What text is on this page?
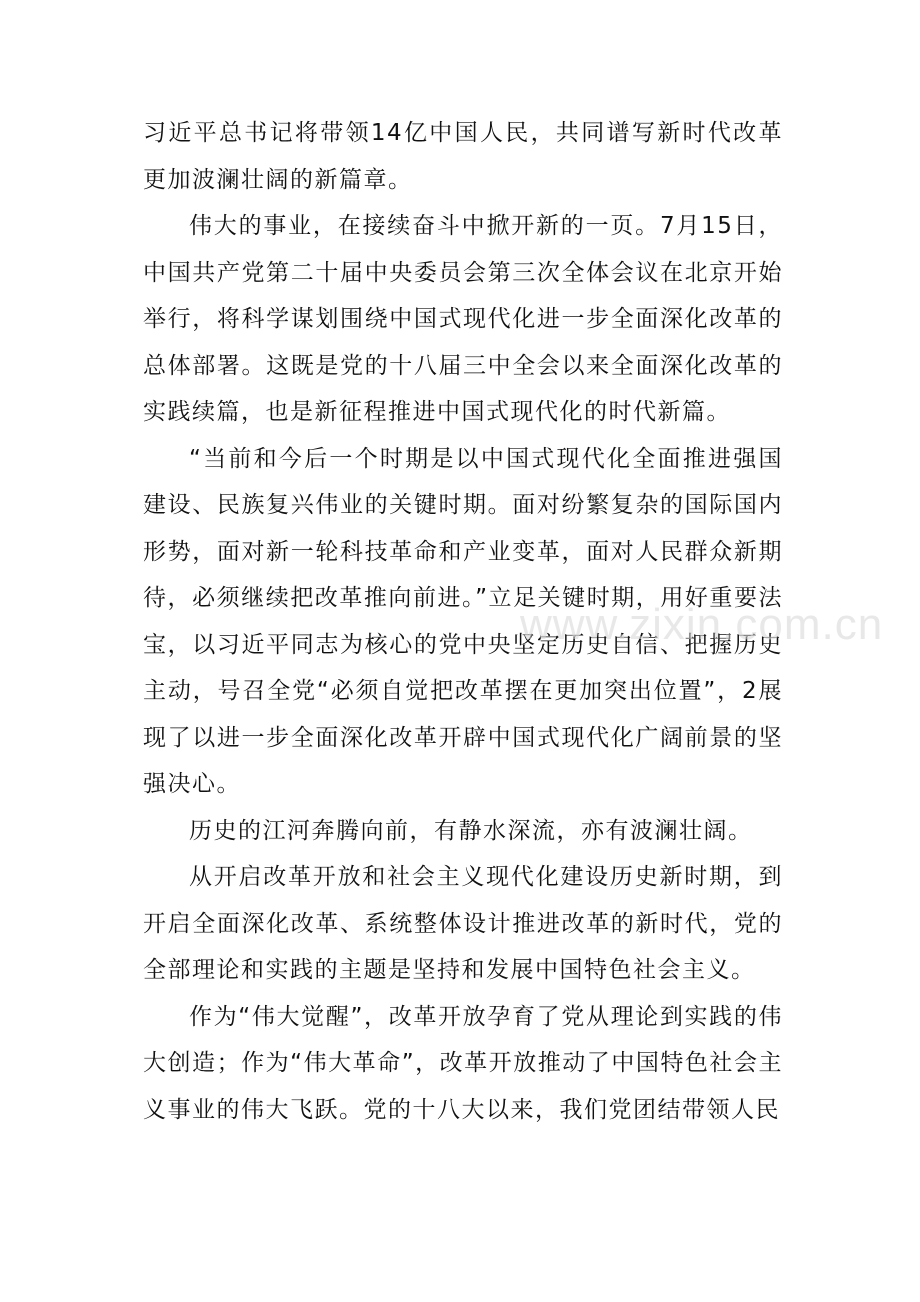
习近平总书记将带领14亿中国人民，共同谱写新时代改革更加波澜壮阔的新篇章。

伟大的事业，在接续奋斗中掀开新的一页。7月15日，中国共产党第二十届中央委员会第三次全体会议在北京开始举行，将科学谋划围绕中国式现代化进一步全面深化改革的总体部署。这既是党的十八届三中全会以来全面深化改革的实践续篇，也是新征程推进中国式现代化的时代新篇。

“当前和今后一个时期是以中国式现代化全面推进强国建设、民族复兴伟业的关键时期。面对纷繁复杂的国际国内形势，面对新一轮科技革命和产业变革，面对人民群众新期待，必须继续把改革推向前进。”立足关键时期，用好重要法宝，以习近平同志为核心的党中央坚定历史自信、把握历史主动，号召全党“必须自觉把改革摆在更加突出位置”，2展现了以进一步全面深化改革开辟中国式现代化广阔前景的坚强决心。

历史的江河奔腾向前，有静水深流，亦有波澜壮阔。

从开启改革开放和社会主义现代化建设历史新时期，到开启全面深化改革、系统整体设计推进改革的新时代，党的全部理论和实践的主题是坚持和发展中国特色社会主义。

作为“伟大觉醒”，改革开放孕育了党从理论到实践的伟大创造；作为“伟大革命”，改革开放推动了中国特色社会主义事业的伟大飞跃。党的十八大以来，我们党团结带领人民

www.zixin.com.cn
